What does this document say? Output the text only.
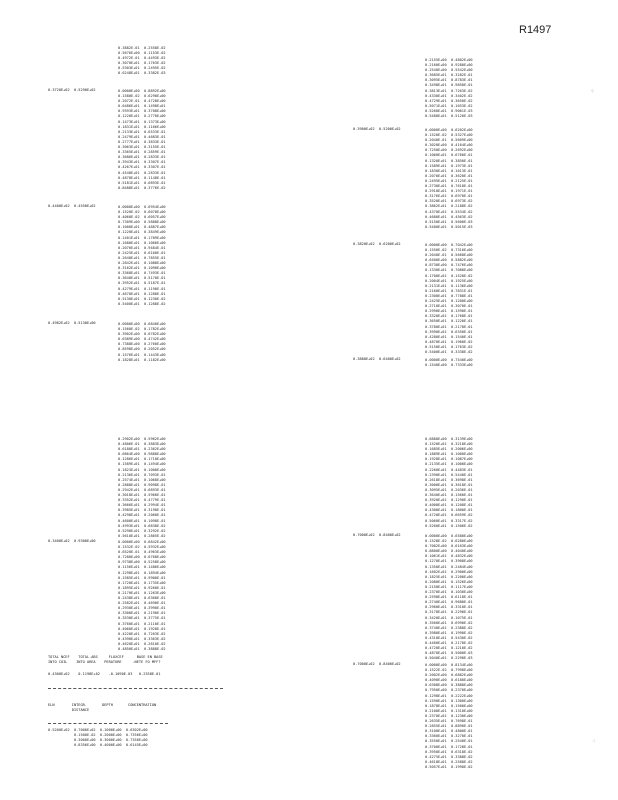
R1497
0.3882E-01  0.2558E-02
0.5676E+00  0.1153E-02
0.4972E-01  0.4493E-02
0.3070E+01  0.1763E-02
0.5303E+01  0.2495E-02
0.6248E+01  0.3382E-03
0.3720E+02  0.5290E+02	0.0000E+00  0.8892E+00
0.1580E-02  0.6290E+00
0.2072E-01  0.4728E+00
0.6486E+01  0.1498E+01
0.9393E+01  0.3708E+00
0.1220E+01  0.2770E+00
0.1473E+01  0.1373E+00
0.1831E+01  0.1166E+00
0.2133E+01  0.6533E-01
0.2479E+01  0.4683E-01
0.2777E+01  0.3833E-01
0.3063E+01  0.3155E-01
0.3365E+01  0.2859E-01
0.3686E+01  0.2833E-01
0.3943E+01  0.3307E-01
0.4267E+01  0.3307E-01
0.4548E+01  0.2833E-01
0.4878E+01  0.1148E-01
0.5181E+01  0.6893E-01
0.8488E+01  0.3776E-02
0.4400E+02  0.4550E+02	0.0000E+00  0.6954E+00
0.1520E-02  0.6078E+00
0.4060E-02  0.6057E+00
0.7309E+00  0.5888E+00
0.1000E+01  0.4887E+00
0.1220E+01  0.3849E+00
0.1401E+01  0.1789E+00
0.1680E+01  0.1066E+00
0.2076E+01  0.9484E-01
0.2425E+01  0.6160E-01
0.2648E+01  0.7855E-01
0.2842E+01  0.1080E+00
0.3162E+01  0.1090E+00
0.3368E+01  0.7493E-01
0.3648E+01  0.5170E-01
0.3952E+01  0.5187E-01
0.4279E+01  0.1190E-01
0.4670E+01  0.1288E-01
0.5130E+01  0.1230E-02
0.5400E+01  0.1288E-02
0.4982E+02  0.5130E+00	0.0000E+00  0.6840E+00
0.1560E-02  0.1782E+00
0.3902E+00  0.6782E+00
0.6389E+00  0.4742E+00
0.7388E+00  0.2760E+00
0.8598E+00  0.2052E+00
0.1576E+01  0.1443E+00
0.1828E+01  0.1182E+00
0.2155E+00  0.4802E+00
0.2160E+00  0.9280E+00
0.2540E+00  0.5542E+00
0.3685E+01  0.3282E-01
0.3095E+01  0.8783E-01
0.3498E+01  0.9850E-01
0.3813E+01  0.7263E-02
0.4330E+01  0.3402E-02
0.4729E+01  0.3650E-02
0.5071E+01  0.1653E-02
0.5260E+01  0.9061E-03
0.5480E+01  0.5120E-03
0.3900E+02  0.5200E+02	0.0000E+00  0.6202E+00
0.1520E-02  0.5327E+00
0.2040E-01  0.5609E+00
0.3020E+00  0.4164E+00
0.7250E+00  0.2692E+00
0.1060E+01  0.6760E-01
0.1320E+01  0.3850E-01
0.1589E+01  0.1973E-01
0.1830E+01  0.1613E-01
0.2070E+01  0.3620E-01
0.2495E+01  0.2125E-01
0.2730E+01  0.7618E-01
0.2910E+01  0.1971E-01
0.3176E+01  0.6970E-01
0.3520E+01  0.6973E-02
0.3862E+01  0.2188E-02
0.4370E+01  0.5534E-02
0.4680E+01  0.4563E-02
0.5150E+01  0.5600E-03
0.5400E+01  0.5015E-03
0.3820E+02  0.6200E+02	0.0000E+00  0.7042E+00
0.1550E-02  0.7316E+00
0.2040E-01  0.5668E+00
0.6400E+00  0.5882E+00
0.8730E+00  0.7476E+00
0.1330E+01  0.7088E+00
0.1700E+01  0.1520E-02
0.2004E+01  0.1925E+00
0.2131E+01  0.1136E+00
0.2160E+01  0.7831E-01
0.2300E+01  0.7788E-01
0.2425E+01  0.1200E+00
0.2710E+01  0.3070E-01
0.2990E+01  0.1590E-01
0.3320E+01  0.1768E-01
0.3650E+01  0.1220E-01
0.3780E+01  0.2178E-01
0.3990E+01  0.6350E-01
0.4280E+01  0.1540E-01
0.4870E+01  0.1960E-02
0.5150E+01  0.1763E-02
0.5400E+01  0.3338E-02
0.3880E+02  0.6400E+02	0.0000E+00  0.7540E+00
0.1540E+00  0.7333E+00
⁘
0.2902E+00  0.5962E+00
0.4806E-01  0.3883E+00
0.6180E+01  0.2362E+00
0.6864E+00  0.9888E+00
0.1286E+01  0.1718E+00
0.1589E+01  0.1494E+00
0.1823E+01  0.1000E+00
0.2136E+01  0.7093E-01
0.2574E+01  0.1068E+00
0.2888E+01  0.9098E-01
0.2942E+01  0.6893E-01
0.3018E+01  0.5960E-01
0.3352E+01  0.4779E-01
0.3666E+01  0.2994E-01
0.3985E+01  0.3198E-01
0.4298E+01  0.2060E-01
0.4600E+01  0.1098E-01
0.4993E+01  0.6838E-02
0.5290E+01  0.3292E-02
0.5610E+01  0.2865E-02
0.3400E+02  0.9300E+00	0.0000E+00  0.6842E+00
0.1532E-02  0.5932E+00
0.6520E-01  0.4963E+00
0.7280E+00  0.6768E+00
0.9738E+00  0.5258E+00
0.1156E+01  0.1486E+00
0.1298E+01  0.1894E+00
0.1585E+01  0.9900E-01
0.1720E+01  0.1735E+00
0.1895E+01  0.9260E-01
0.2170E+01  0.1263E+00
0.2438E+01  0.6360E-01
0.2582E+01  0.4690E-01
0.2930E+01  0.3990E-01
0.3300E+01  0.2190E-01
0.3530E+01  0.3775E-01
0.3760E+01  0.2110E-01
0.4060E+01  0.1928E-01
0.4220E+01  0.7263E-02
0.4390E+01  0.3363E-02
0.4620E+01  0.2610E-02
0.4850E+01  0.3888E-02
TOTAL NCEF    TOTAL-ABS     FLUXCEF      BASE EN BASE
INTO COIL    INTO AREA    PERATURE     -NETE FO MFF?
0.4300E+02    0.1198E+02    -0.1090E-03   0.2358E-01
ELN        INTEGR.       DEPTH       CONCENTRATION
DISTANCE
0.5200E+02  0.7000E+02  0.1000E+00  0.6302E+00
0.1500E-02  0.2000E+00  0.7356E+00
0.3000E+00  0.3000E+00  0.7356E+00
0.8356E+00  0.4000E+00  0.6145E+00
0.6880E+00  0.3139E+00
0.1520E+01  0.3218E+00
0.1685E+01  0.2006E+00
0.1889E+01  0.1000E+00
0.1928E+01  0.1087E+00
0.2135E+01  0.1000E+00
0.2260E+01  0.4483E-01
0.2390E+01  0.5440E-01
0.2618E+01  0.3698E-01
0.3000E+01  0.3618E-01
0.3095E+01  0.2036E-01
0.3640E+01  0.1560E-01
0.3920E+01  0.1290E-01
0.4000E+01  0.1208E-01
0.4300E+01  0.1800E-01
0.4720E+01  0.6659E-02
0.5060E+01  0.3317E-02
0.5260E+01  0.1506E-02
0.7000E+02  0.8400E+02	0.0000E+00  0.6580E+00
0.1528E-02  0.6280E+00
0.7002E+00  0.6163E+00
0.8800E+00  0.4040E+00
0.1061E+01  0.4832E+00
0.1270E+01  0.3908E+00
0.1350E+01  0.2484E+00
0.1602E+01  0.2900E+00
0.1825E+01  0.2200E+00
0.2080E+01  0.1526E+00
0.2150E+01  0.1117E+00
0.2370E+01  0.1030E+00
0.2598E+01  0.6118E-01
0.2740E+01  0.9680E-01
0.2960E+01  0.3310E-01
0.3178E+01  0.2290E-01
0.3420E+01  0.1075E-01
0.3560E+01  0.6990E-02
0.3740E+01  0.2388E-02
0.3980E+01  0.1990E-02
0.4310E+01  0.5430E-02
0.4460E+01  0.2178E-02
0.4720E+01  0.1210E-02
0.4870E+01  0.5000E-03
0.5040E+01  0.2290E-03
0.7000E+02  0.8400E+02	0.0000E+00  0.8134E+00
0.1522E-02  0.7998E+00
0.2002E+00  0.6882E+00
0.4090E+00  0.6180E+00
0.6308E+00  0.3888E+00
0.7950E+00  0.2370E+00
0.1298E+01  0.2222E+00
0.1590E+01  0.1300E+00
0.1878E+01  0.1500E+00
0.2100E+01  0.1310E+00
0.2370E+01  0.1230E+00
0.2635E+01  0.7698E-01
0.2855E+01  0.8890E-01
0.3100E+01  0.4800E-01
0.3360E+01  0.3270E-01
0.3550E+01  0.2540E-01
0.3700E+01  0.1728E-01
0.3950E+01  0.6318E-02
0.4275E+01  0.3388E-02
0.4618E+01  0.2588E-02
0.5057E+01  0.1990E-02
⁖
